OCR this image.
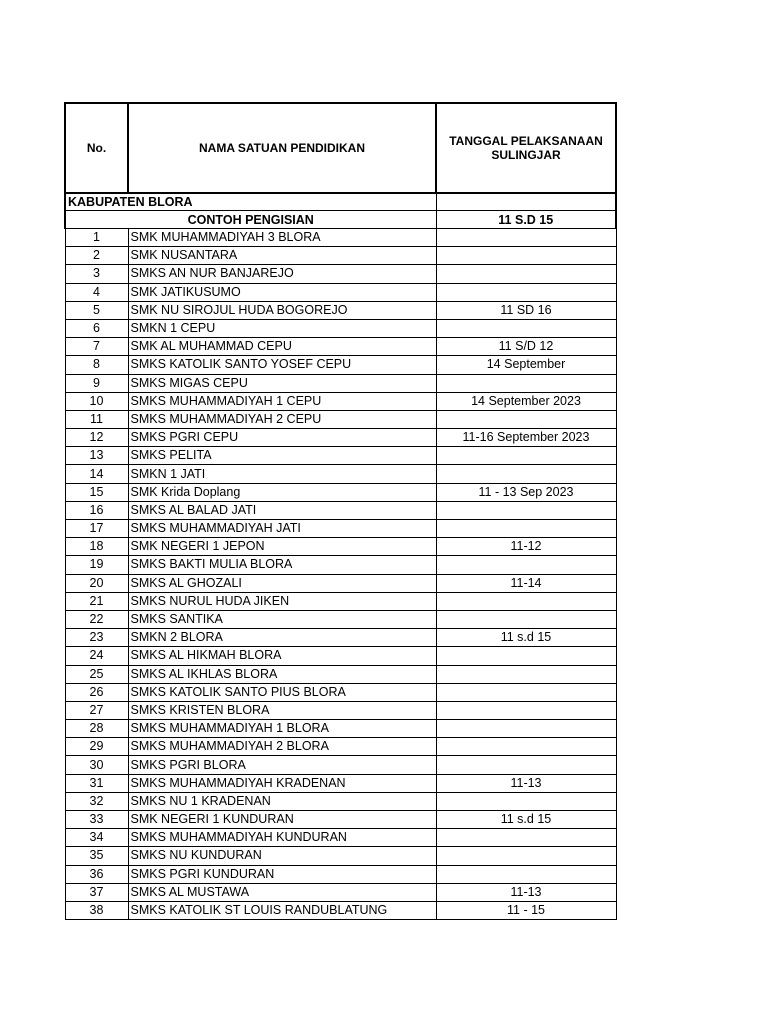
No.	NAMA SATUAN PENDIDIKAN	TANGGAL PELAKSANAAN
SULINGJAR
KABUPATEN BLORA		
CONTOH PENGISIAN		11 S.D 15
1	SMK MUHAMMADIYAH 3 BLORA	
2	SMK NUSANTARA	
3	SMKS AN NUR BANJAREJO	
4	SMK JATIKUSUMO	
5	SMK NU SIROJUL HUDA BOGOREJO	11 SD 16
6	SMKN 1 CEPU	
7	SMK AL MUHAMMAD CEPU	11 S/D 12
8	SMKS KATOLIK SANTO YOSEF CEPU	14 September
9	SMKS MIGAS CEPU	
10	SMKS MUHAMMADIYAH 1 CEPU	14 September 2023
11	SMKS MUHAMMADIYAH 2 CEPU	
12	SMKS PGRI CEPU	11-16 September 2023
13	SMKS PELITA	
14	SMKN 1 JATI	
15	SMK Krida Doplang	11 - 13 Sep 2023
16	SMKS AL BALAD JATI	
17	SMKS MUHAMMADIYAH JATI	
18	SMK NEGERI 1 JEPON	11-12
19	SMKS BAKTI MULIA BLORA	
20	SMKS AL GHOZALI	11-14
21	SMKS NURUL HUDA JIKEN	
22	SMKS SANTIKA	
23	SMKN 2 BLORA	11 s.d 15
24	SMKS AL HIKMAH BLORA	
25	SMKS AL IKHLAS BLORA	
26	SMKS KATOLIK SANTO PIUS BLORA	
27	SMKS KRISTEN BLORA	
28	SMKS MUHAMMADIYAH 1 BLORA	
29	SMKS MUHAMMADIYAH 2 BLORA	
30	SMKS PGRI BLORA	
31	SMKS MUHAMMADIYAH KRADENAN	11-13
32	SMKS NU 1 KRADENAN	
33	SMK NEGERI 1 KUNDURAN	11 s.d 15
34	SMKS MUHAMMADIYAH KUNDURAN	
35	SMKS NU KUNDURAN	
36	SMKS PGRI KUNDURAN	
37	SMKS AL MUSTAWA	11-13
38	SMKS KATOLIK ST LOUIS RANDUBLATUNG	11 - 15
